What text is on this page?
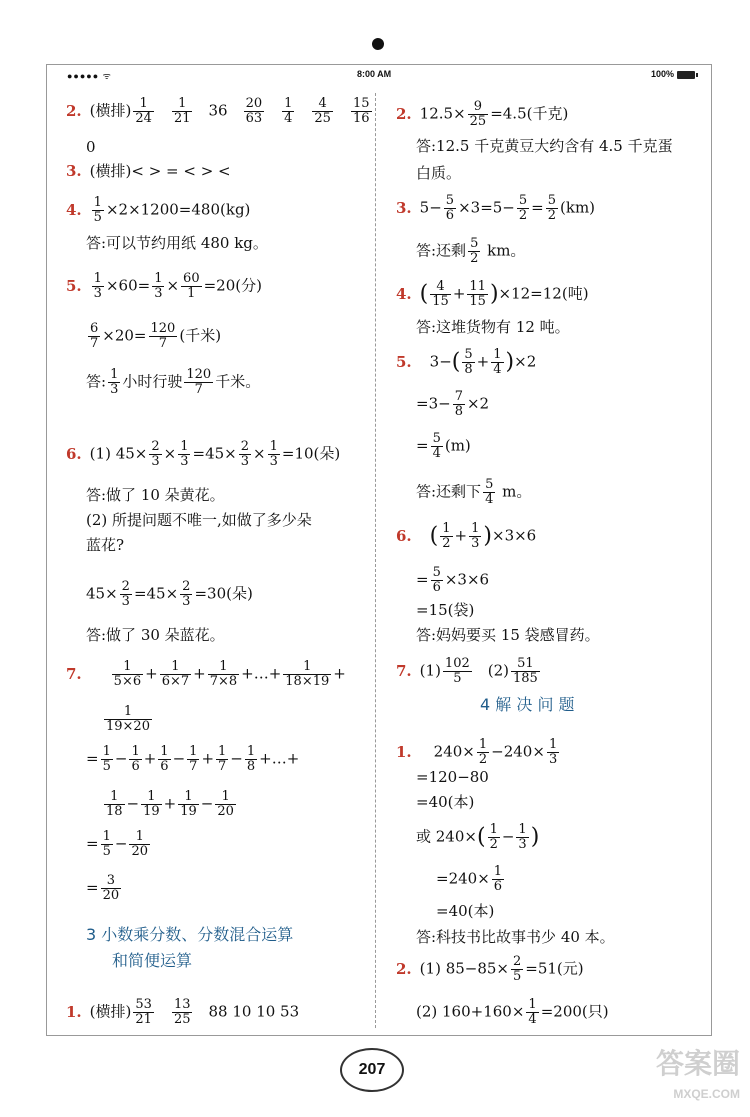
●●●●● ᯤ	8:00 AM	100%
2. (横排) $\frac{1}{24} \frac{1}{21} 36 \frac{20}{63} \frac{1}{4} \frac{4}{25} \frac{15}{16}$
0
3. (横排)< > = < > <
4. $\frac{1}{5} \times 2\times 1200=480(kg)$
答:可以节约用纸 480 kg。
5. $\frac{1}{3} \times 60= \frac{1}{3} \times \frac{60}{1} =20$(分)
$\frac{6}{7} \times 20= \frac{120}{7}$ (千米)
答: $\frac{1}{3}$ 小时行驶 $\frac{120}{7}$ 千米。
6. (1) $45\times \frac{2}{3} \times \frac{1}{3} =45\times \frac{2}{3} \times \frac{1}{3} =10$(朵)
答:做了 10 朵黄花。
(2) 所提问题不唯一,如做了多少朵
蓝花?
$45\times \frac{2}{3} =45\times \frac{2}{3} =30$(朵)
答:做了 30 朵蓝花。
7. $\frac{1}{5\times 6} + \frac{1}{6\times 7} + \frac{1}{7\times 8}$ +…+ $\frac{1}{18\times 19}$ +
$\frac{1}{19\times 20}$
= $\frac{1}{5} - \frac{1}{6} + \frac{1}{6} - \frac{1}{7} + \frac{1}{7} - \frac{1}{8}$ +…+
$\frac{1}{18} - \frac{1}{19} + \frac{1}{19} - \frac{1}{20}$
= $\frac{1}{5} - \frac{1}{20}$
= $\frac{3}{20}$
3 小数乘分数、分数混合运算
和简便运算
1. (横排) $\frac{53}{21} \frac{13}{25} 88$ 10 10 53
2. $12.5\times \frac{9}{25} =4.5$(千克)
答:12.5 千克黄豆大约含有 4.5 千克蛋
白质。
3. $5- \frac{5}{6} \times 3=5- \frac{5}{2} = \frac{5}{2} (km)$
答:还剩 $\frac{5}{2}$ km。
4. ( $\frac{4}{15} + \frac{11}{15} )\times 12=12$(吨)
答:这堆货物有 12 吨。
5. $3-( \frac{5}{8} + \frac{1}{4} )\times 2$
$=3- \frac{7}{8} \times 2$
= $\frac{5}{4} (m)$
答:还剩下 $\frac{5}{4}$ m。
6. ( $\frac{1}{2} + \frac{1}{3} )\times 3\times 6$
= $\frac{5}{6} \times 3\times 6$
=15(袋)
答:妈妈要买 15 袋感冒药。
7. $(1) \frac{102}{5} (2) \frac{51}{185}$
4 解 决 问 题
1. $240\times \frac{1}{2} -240\times \frac{1}{3}$
=120−80
=40(本)
或 $240\times( \frac{1}{2} - \frac{1}{3}$ )
$=240\times \frac{1}{6}$
=40(本)
答:科技书比故事书少 40 本。
2. (1) $85-85\times \frac{2}{5} =51$(元)
(2) $160+160\times \frac{1}{4} =200$(只)
207	答案圈
MXQE.COM
